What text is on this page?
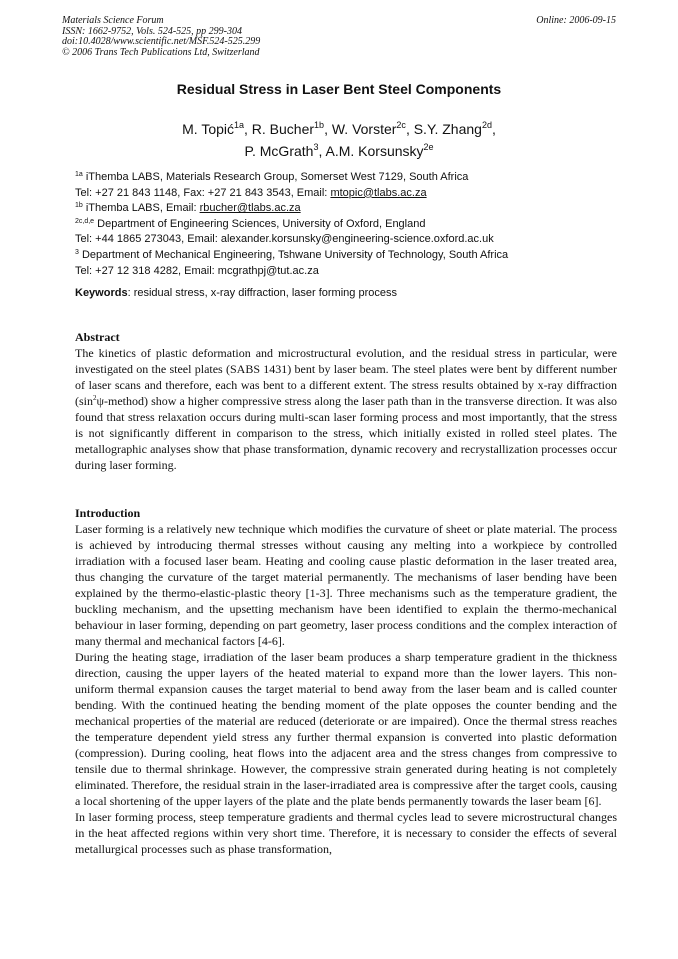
Materials Science Forum
ISSN: 1662-9752, Vols. 524-525, pp 299-304
doi:10.4028/www.scientific.net/MSF.524-525.299
© 2006 Trans Tech Publications Ltd, Switzerland
Online: 2006-09-15
Residual Stress in Laser Bent Steel Components
M. Topić$^{1a}$, R. Bucher$^{1b}$, W. Vorster$^{2c}$, S.Y. Zhang$^{2d}$,
P. McGrath$^3$, A.M. Korsunsky$^{2e}$
$^{1a}$ iThemba LABS, Materials Research Group, Somerset West 7129, South Africa
Tel: +27 21 843 1148, Fax: +27 21 843 3543, Email: mtopic@tlabs.ac.za
$^{1b}$ iThemba LABS, Email: rbucher@tlabs.ac.za
$^{2c,d,e}$ Department of Engineering Sciences, University of Oxford, England
Tel: +44 1865 273043, Email: alexander.korsunsky@engineering-science.oxford.ac.uk
$^3$ Department of Mechanical Engineering, Tshwane University of Technology, South Africa
Tel: +27 12 318 4282, Email: mcgrathpj@tut.ac.za
Keywords: residual stress, x-ray diffraction, laser forming process
Abstract

The kinetics of plastic deformation and microstructural evolution, and the residual stress in particular, were investigated on the steel plates (SABS 1431) bent by laser beam. The steel plates were bent by different number of laser scans and therefore, each was bent to a different extent. The stress results obtained by x-ray diffraction $(\sin^2\psi-method)$ show a higher compressive stress along the laser path than in the transverse direction. It was also found that stress relaxation occurs during multi-scan laser forming process and most importantly, that the stress is not significantly different in comparison to the stress, which initially existed in rolled steel plates. The metallographic analyses show that phase transformation, dynamic recovery and recrystallization processes occur during laser forming.

Introduction

Laser forming is a relatively new technique which modifies the curvature of sheet or plate material. The process is achieved by introducing thermal stresses without causing any melting into a workpiece by controlled irradiation with a focused laser beam. Heating and cooling cause plastic deformation in the laser treated area, thus changing the curvature of the target material permanently. The mechanisms of laser bending have been explained by the thermo-elastic-plastic theory [1-3]. Three mechanisms such as the temperature gradient, the buckling mechanism, and the upsetting mechanism have been identified to explain the thermo-mechanical behaviour in laser forming, depending on part geometry, laser process conditions and the complex interaction of many thermal and mechanical factors [4-6].

During the heating stage, irradiation of the laser beam produces a sharp temperature gradient in the thickness direction, causing the upper layers of the heated material to expand more than the lower layers. This non-uniform thermal expansion causes the target material to bend away from the laser beam and is called counter bending. With the continued heating the bending moment of the plate opposes the counter bending and the mechanical properties of the material are reduced (deteriorate or are impaired). Once the thermal stress reaches the temperature dependent yield stress any further thermal expansion is converted into plastic deformation (compression). During cooling, heat flows into the adjacent area and the stress changes from compressive to tensile due to thermal shrinkage. However, the compressive strain generated during heating is not completely eliminated. Therefore, the residual strain in the laser-irradiated area is compressive after the target cools, causing a local shortening of the upper layers of the plate and the plate bends permanently towards the laser beam [6].

In laser forming process, steep temperature gradients and thermal cycles lead to severe microstructural changes in the heat affected regions within very short time. Therefore, it is necessary to consider the effects of several metallurgical processes such as phase transformation,
